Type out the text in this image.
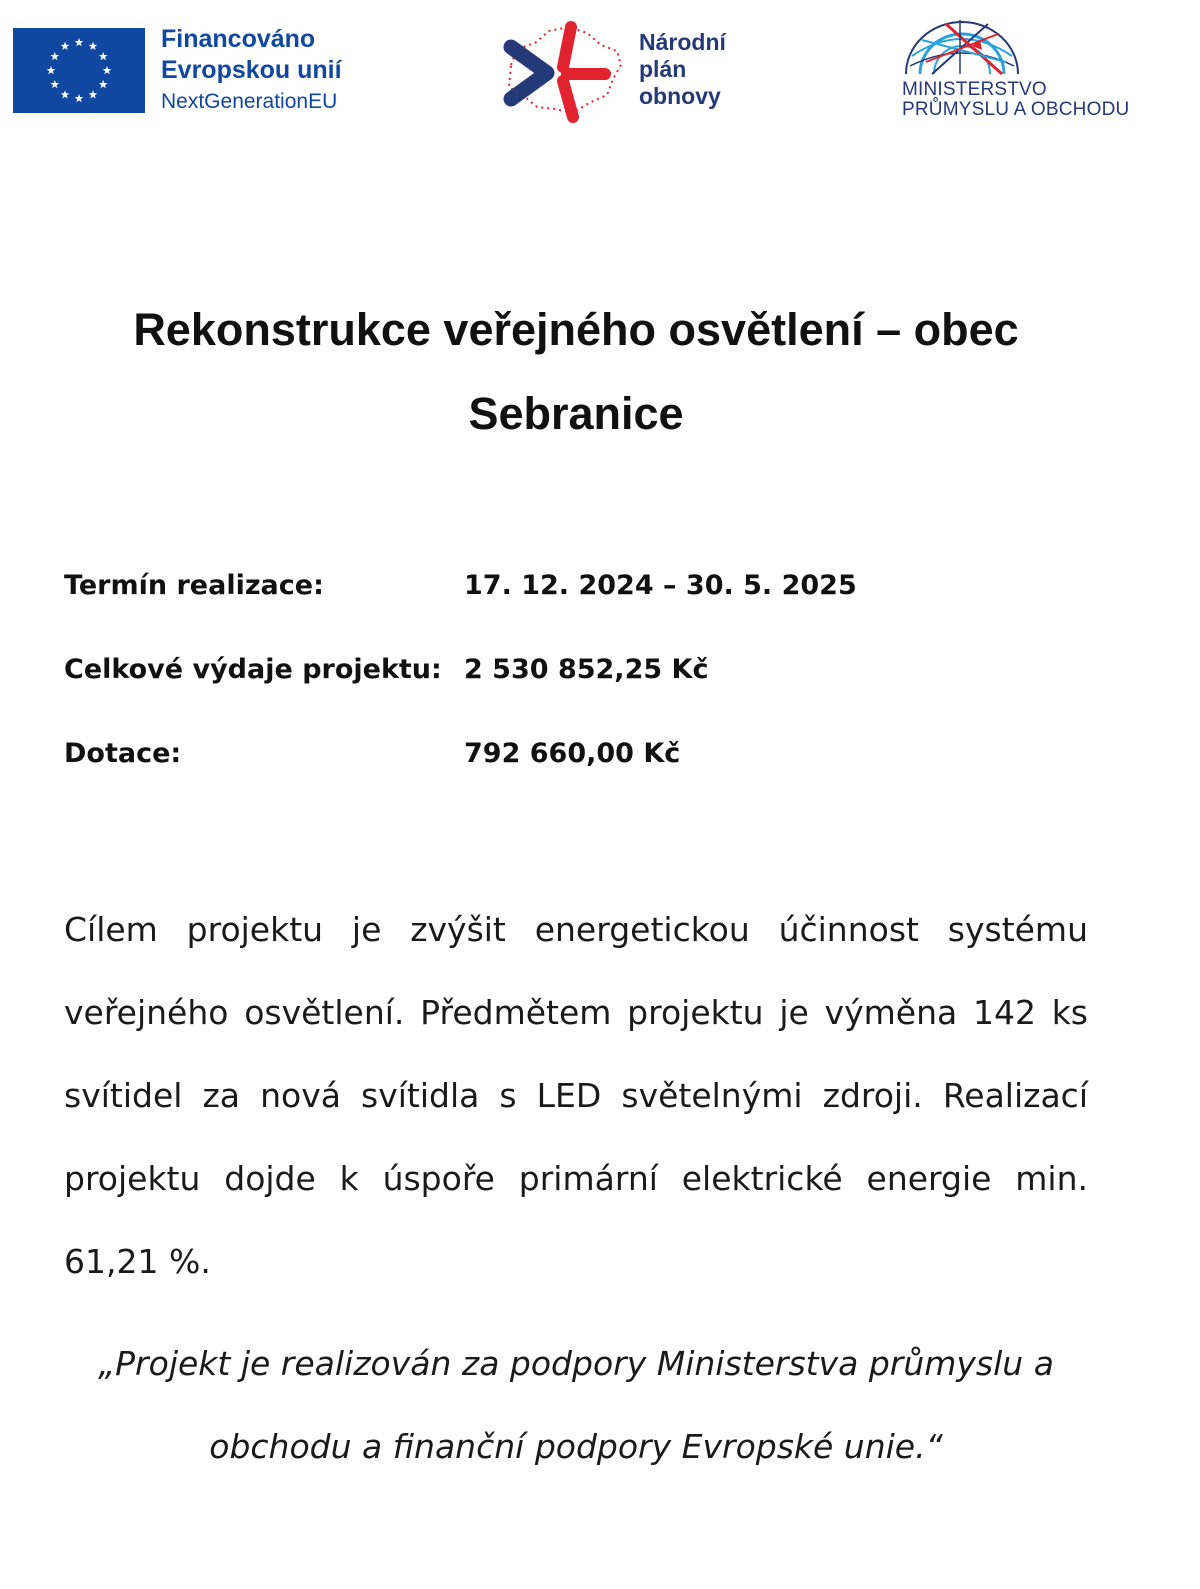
Financováno
Evropskou unií
NextGenerationEU
Národní
plán
obnovy	MINISTERSTVO
PRŮMYSLU A OBCHODU
Rekonstrukce veřejného osvětlení – obec Sebranice
Termín realizace:	17. 12. 2024 – 30. 5. 2025
Celkové výdaje projektu: 2 530 852,25 Kč
Dotace:	792 660,00 Kč

Cílem projektu je zvýšit energetickou účinnost systému veřejného osvětlení. Předmětem projektu je výměna 142 ks svítidel za nová svítidla s LED světelnými zdroji. Realizací projektu dojde k úspoře primární elektrické energie min. 61,21 %.

„Projekt je realizován za podpory Ministerstva průmyslu a obchodu a finanční podpory Evropské unie.“
